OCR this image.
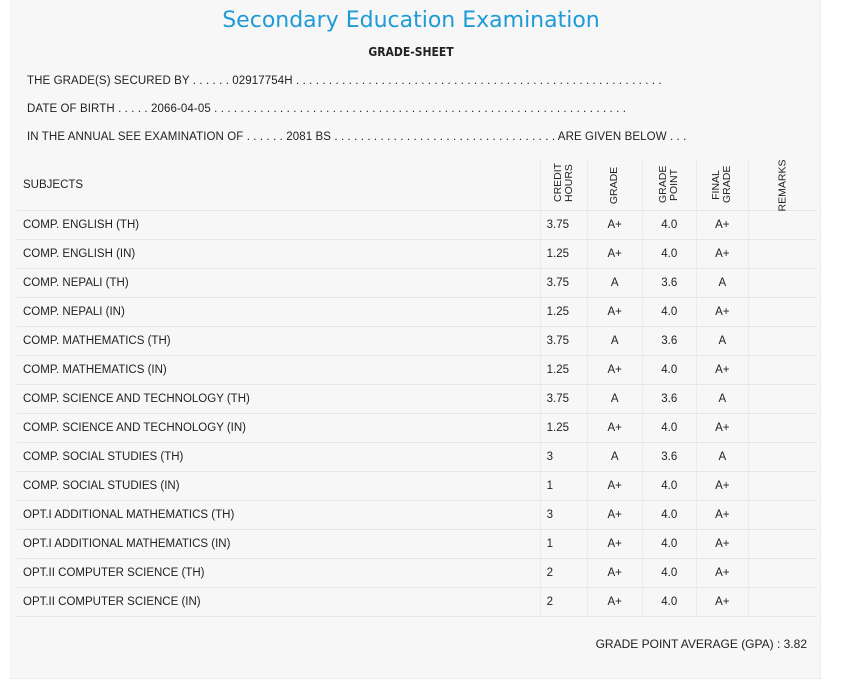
Secondary Education Examination
GRADE-SHEET
THE GRADE(S) SECURED BY . . . . . . 02917754H . . . . . . . . . . . . . . . . . . . . . . . . . . . . . . . . . . . . . . . . . . . . . . . . . . . . . . . .
DATE OF BIRTH . . . . . 2066-04-05 . . . . . . . . . . . . . . . . . . . . . . . . . . . . . . . . . . . . . . . . . . . . . . . . . . . . . . . . . . . . . . .
IN THE ANNUAL SEE EXAMINATION OF . . . . . . 2081 BS . . . . . . . . . . . . . . . . . . . . . . . . . . . . . . . . . . ARE GIVEN BELOW . . .
SUBJECTS	CREDIT HOURS	GRADE	GRADE POINT	FINAL GRADE	REMARKS
COMP. ENGLISH (TH)	3.75	A+	4.0	A+	
COMP. ENGLISH (IN)	1.25	A+	4.0	A+	
COMP. NEPALI (TH)	3.75	A	3.6	A	
COMP. NEPALI (IN)	1.25	A+	4.0	A+	
COMP. MATHEMATICS (TH)	3.75	A	3.6	A	
COMP. MATHEMATICS (IN)	1.25	A+	4.0	A+	
COMP. SCIENCE AND TECHNOLOGY (TH)	3.75	A	3.6	A	
COMP. SCIENCE AND TECHNOLOGY (IN)	1.25	A+	4.0	A+	
COMP. SOCIAL STUDIES (TH)	3	A	3.6	A	
COMP. SOCIAL STUDIES (IN)	1	A+	4.0	A+	
OPT.I ADDITIONAL MATHEMATICS (TH)	3	A+	4.0	A+	
OPT.I ADDITIONAL MATHEMATICS (IN)	1	A+	4.0	A+	
OPT.II COMPUTER SCIENCE (TH)	2	A+	4.0	A+	
OPT.II COMPUTER SCIENCE (IN)	2	A+	4.0	A+	
GRADE POINT AVERAGE (GPA) : 3.82
